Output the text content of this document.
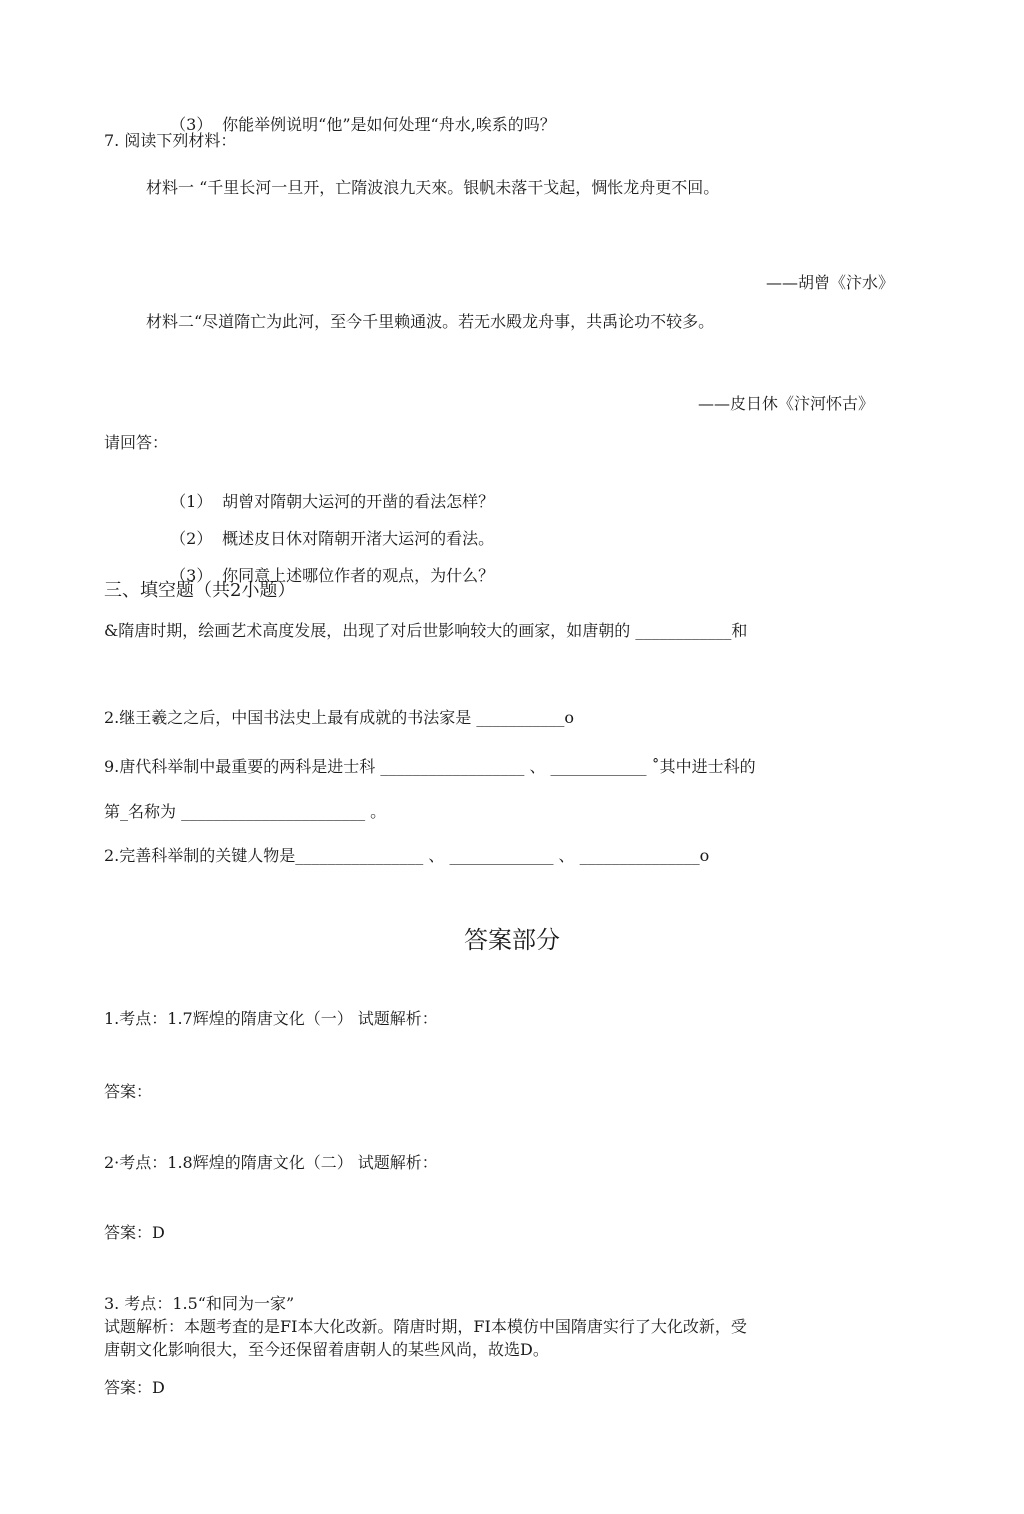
（3） 你能举例说明“他”是如何处理“舟水,唉系的吗？

7. 阅读下列材料：
材料一 “千里长河一旦开，亡隋波浪九天來。银帆未落干戈起，惆怅龙舟更不回。
——胡曾《汴水》
材料二“尽道隋亡为此河，至今千里赖通波。若无水殿龙舟事，共禹论功不较多。
——皮日休《汴河怀古》
请回答：

（1） 胡曾对隋朝大运河的开凿的看法怎样？

（2） 概述皮日休对隋朝开渚大运河的看法。

（3） 你同意上述哪位作者的观点，为什么？

三、填空题（共2小题）
&隋唐时期，绘画艺术高度发展，出现了对后世影响较大的画家，如唐朝的 ____________和
2.继王羲之之后，中国书法史上最有成就的书法家是 ___________o
9.唐代科举制中最重要的两科是进士科 __________________ 、 ____________ ˚其中进士科的
第_名称为 _______________________ 。
2.完善科举制的关键人物是________________ 、 _____________ 、 _______________o
答案部分
1.考点：1.7辉煌的隋唐文化（一） 试题解析：
答案：
2·考点：1.8辉煌的隋唐文化（二） 试题解析：
答案：D
3. 考点：1.5“和同为一家”
试题解析：本题考査的是FI本大化改新。隋唐时期，FI本模仿中国隋唐实行了大化改新，受
唐朝文化影响很大，至今还保留着唐朝人的某些风尚，故选D。
答案：D
